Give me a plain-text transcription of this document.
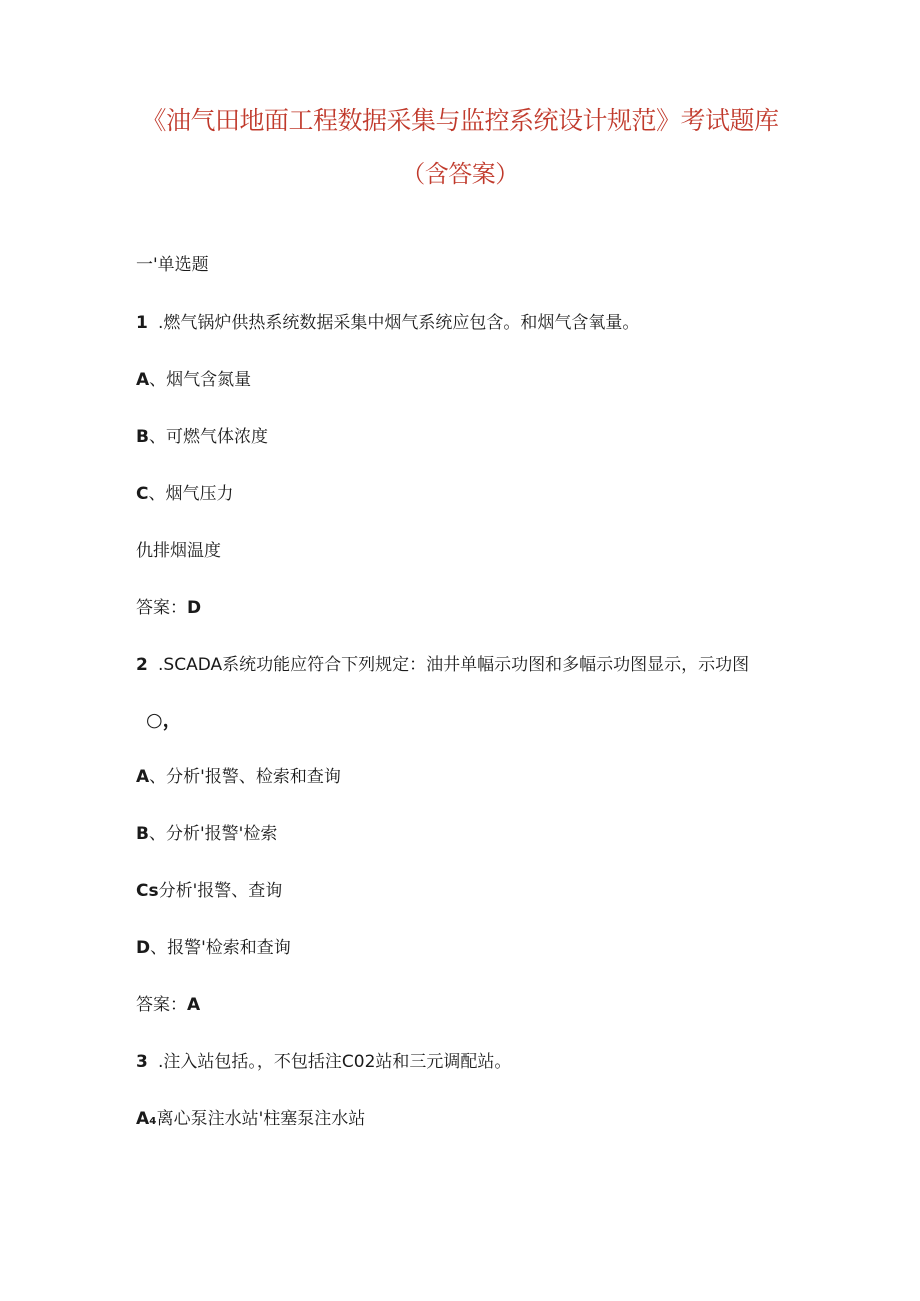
《油气田地面工程数据采集与监控系统设计规范》考试题库
（含答案）
一'单选题
1 .燃气锅炉供热系统数据采集中烟气系统应包含。和烟气含氧量。
A、烟气含氮量
B、可燃气体浓度
C、烟气压力
仇排烟温度
答案：D
2 .SCADA系统功能应符合下列规定：油井单幅示功图和多幅示功图显示，示功图
○，
A、分析'报警、检索和查询
B、分析'报警'检索
Cs分析'报警、查询
D、报警'检索和查询
答案：A
3 .注入站包括。，不包括注C02站和三元调配站。
A₄离心泵注水站'柱塞泵注水站
